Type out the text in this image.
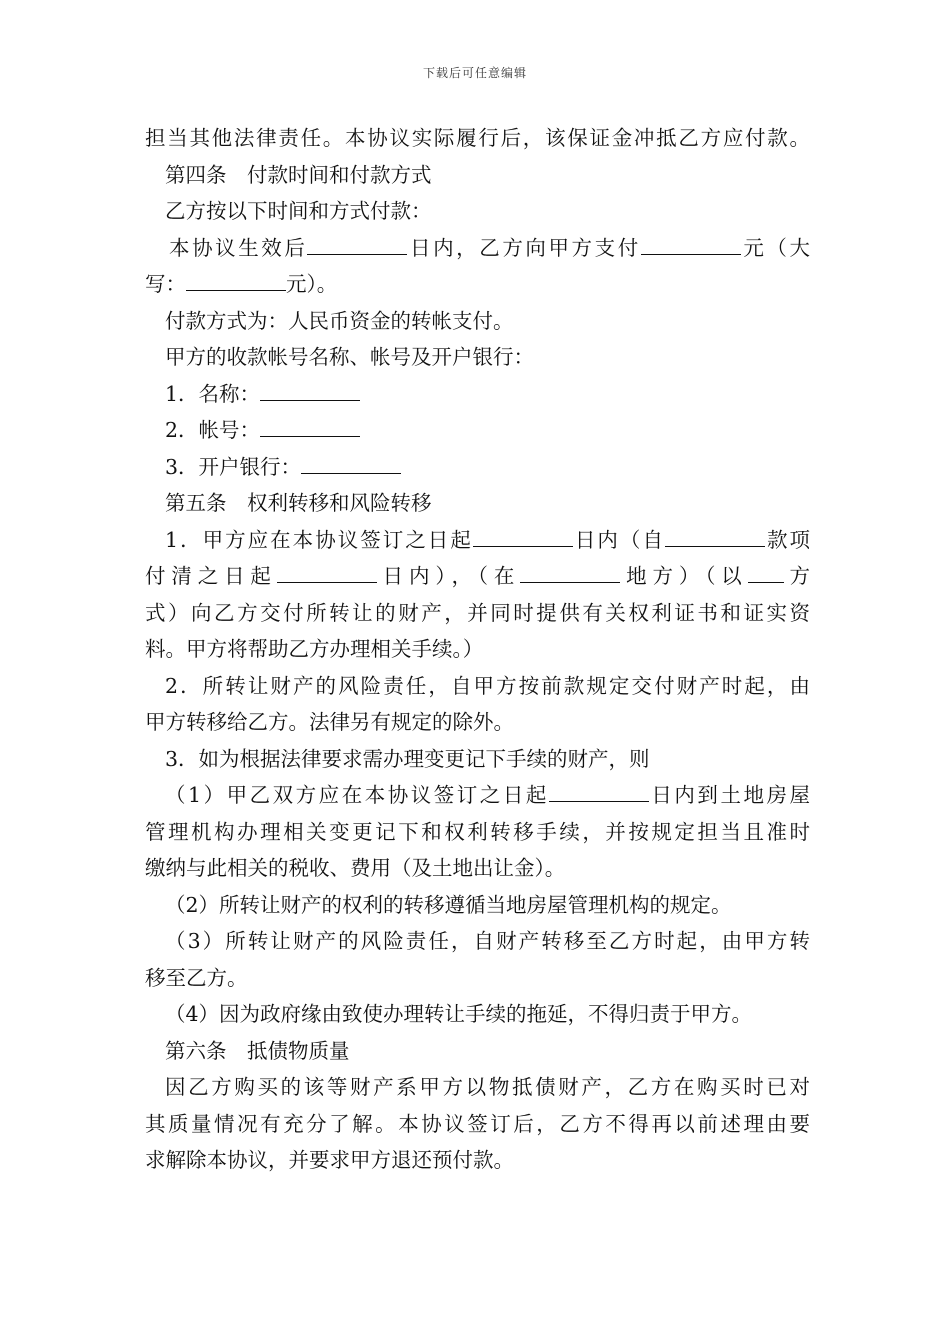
下载后可任意编辑
担当其他法律责任。本协议实际履行后，该保证金冲抵乙方应付款。
第四条　付款时间和付款方式
乙方按以下时间和方式付款：
本协议生效后	日内，乙方向甲方支付	元（大
写：	元）。
付款方式为：人民币资金的转帐支付。
甲方的收款帐号名称、帐号及开户银行：
1．名称：
2．帐号：
3．开户银行：
第五条　权利转移和风险转移
1．甲方应在本协议签订之日起	日内（自	款项
付清之日起	日内），（在	地方）（以 方
式）向乙方交付所转让的财产，并同时提供有关权利证书和证实资
料。甲方将帮助乙方办理相关手续。）
2．所转让财产的风险责任，自甲方按前款规定交付财产时起，由
甲方转移给乙方。法律另有规定的除外。
3．如为根据法律要求需办理变更记下手续的财产，则
（1）甲乙双方应在本协议签订之日起	日内到土地房屋
管理机构办理相关变更记下和权利转移手续，并按规定担当且准时
缴纳与此相关的税收、费用（及土地出让金）。
（2）所转让财产的权利的转移遵循当地房屋管理机构的规定。
（3）所转让财产的风险责任，自财产转移至乙方时起，由甲方转
移至乙方。
（4）因为政府缘由致使办理转让手续的拖延，不得归责于甲方。
第六条　抵债物质量
因乙方购买的该等财产系甲方以物抵债财产，乙方在购买时已对
其质量情况有充分了解。本协议签订后，乙方不得再以前述理由要
求解除本协议，并要求甲方退还预付款。
